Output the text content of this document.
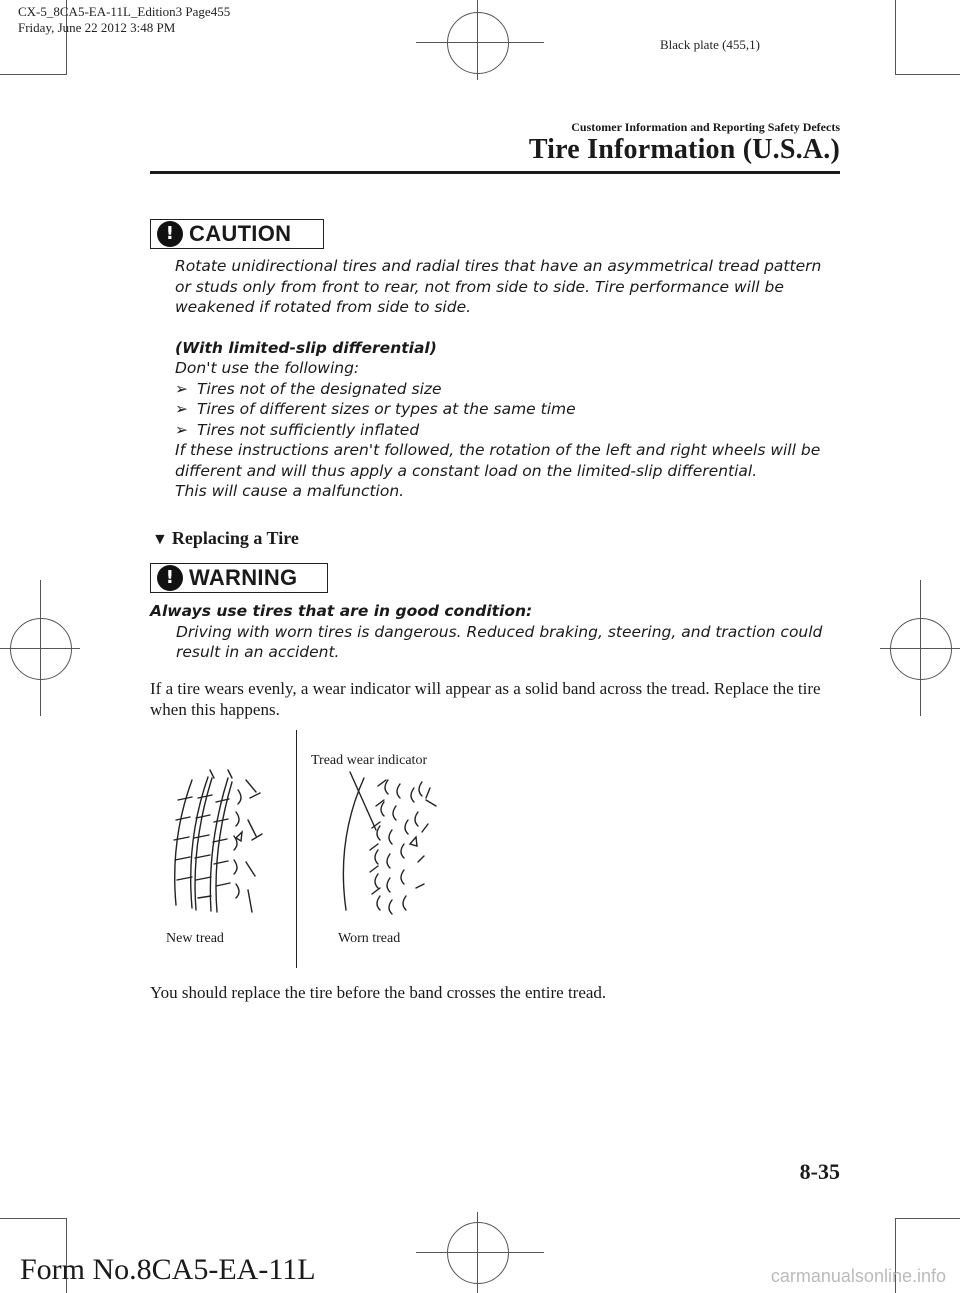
CX-5_8CA5-EA-11L_Edition3 Page455
Friday, June 22 2012 3:48 PM
Black plate (455,1)
Customer Information and Reporting Safety Defects
Tire Information (U.S.A.)
! CAUTION
Rotate unidirectional tires and radial tires that have an asymmetrical tread pattern or studs only from front to rear, not from side to side. Tire performance will be weakened if rotated from side to side.
(With limited-slip differential)
Don't use the following:
➢ Tires not of the designated size
➢ Tires of different sizes or types at the same time
➢ Tires not sufficiently inflated
If these instructions aren't followed, the rotation of the left and right wheels will be different and will thus apply a constant load on the limited-slip differential.
This will cause a malfunction.
▼ Replacing a Tire
! WARNING
Always use tires that are in good condition:
Driving with worn tires is dangerous. Reduced braking, steering, and traction could result in an accident.
If a tire wears evenly, a wear indicator will appear as a solid band across the tread. Replace the tire when this happens.
Tread wear indicator
New tread	Worn tread
You should replace the tire before the band crosses the entire tread.
8-35
Form No.8CA5-EA-11L	carmanualsonline.info
